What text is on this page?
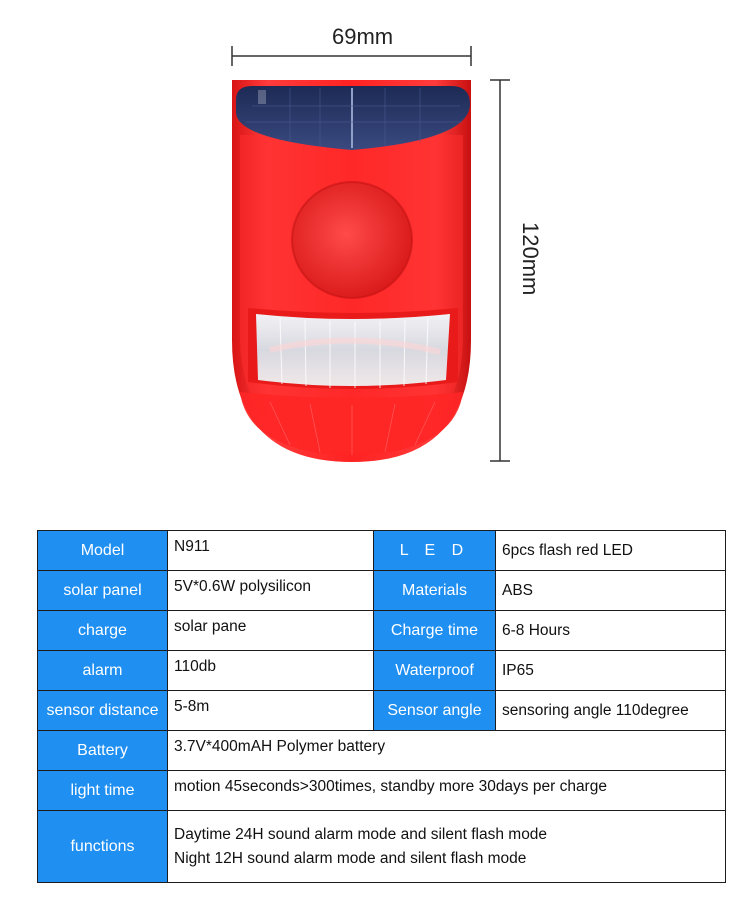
69mm
120mm
Model	N911	L E D	6pcs flash red LED
solar panel	5V*0.6W polysilicon	Materials	ABS
charge	solar pane	Charge time	6-8 Hours
alarm	110db	Waterproof	IP65
sensor distance	5-8m	Sensor angle	sensoring angle 110degree
Battery	3.7V*400mAH Polymer battery		
light time	motion 45seconds>300times, standby more 30days per charge		
functions	Daytime 24H sound alarm mode and silent flash mode
Night 12H sound alarm mode and silent flash mode		
